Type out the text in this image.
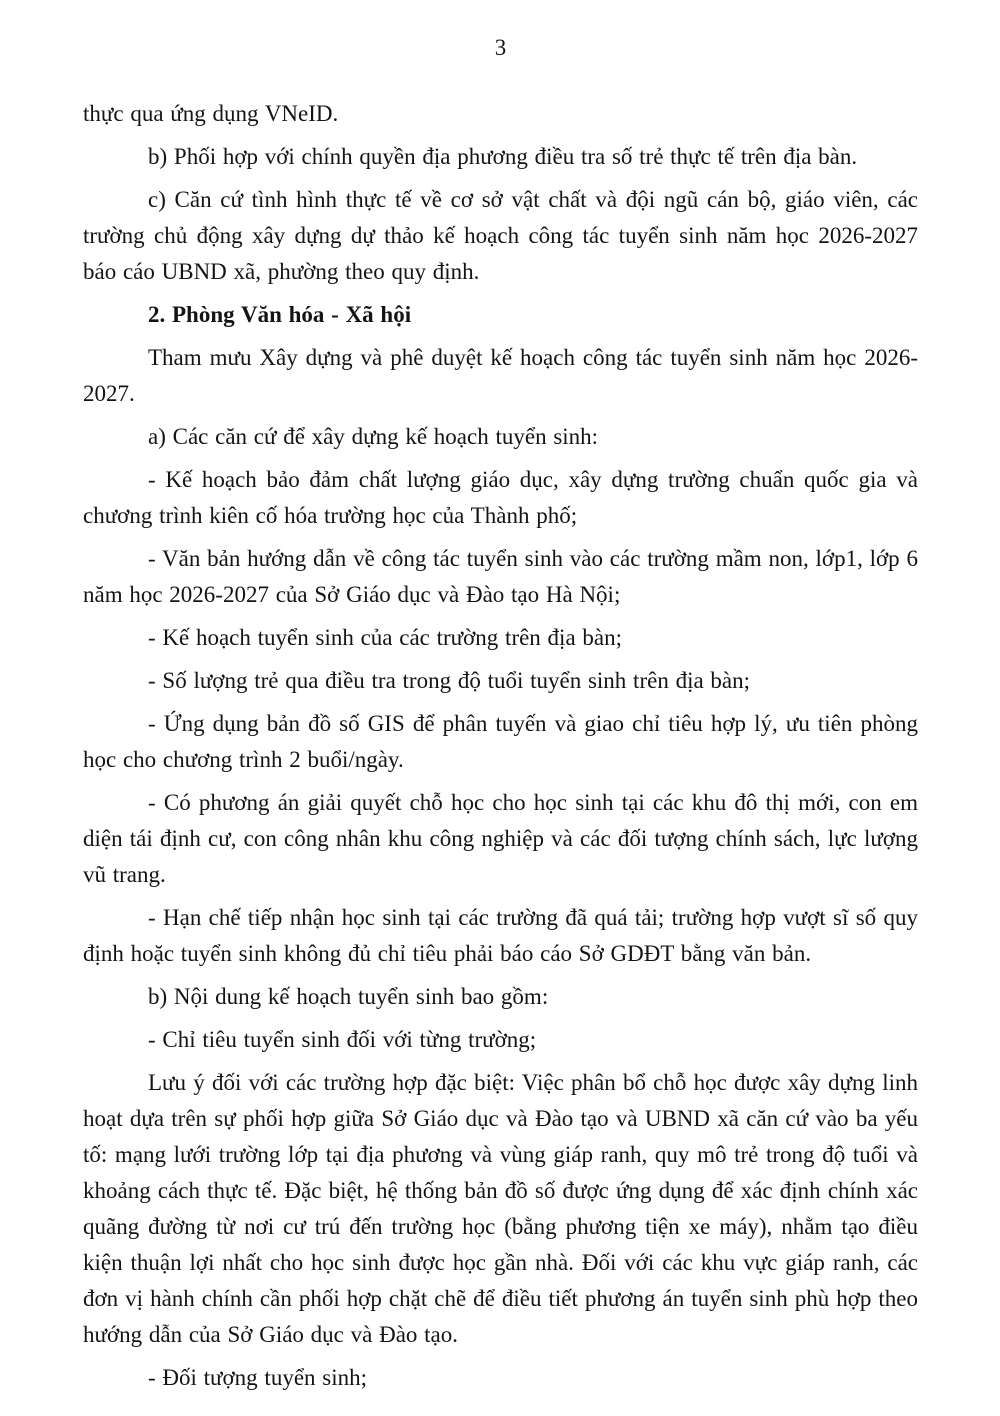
3

thực qua ứng dụng VNeID.

b) Phối hợp với chính quyền địa phương điều tra số trẻ thực tế trên địa bàn.

c) Căn cứ tình hình thực tế về cơ sở vật chất và đội ngũ cán bộ, giáo viên, các trường chủ động xây dựng dự thảo kế hoạch công tác tuyển sinh năm học 2026-2027 báo cáo UBND xã, phường theo quy định.

2. Phòng Văn hóa - Xã hội

Tham mưu Xây dựng và phê duyệt kế hoạch công tác tuyển sinh năm học 2026-2027.

a) Các căn cứ để xây dựng kế hoạch tuyển sinh:

- Kế hoạch bảo đảm chất lượng giáo dục, xây dựng trường chuẩn quốc gia và chương trình kiên cố hóa trường học của Thành phố;

- Văn bản hướng dẫn về công tác tuyển sinh vào các trường mầm non, lớp1, lớp 6 năm học 2026-2027 của Sở Giáo dục và Đào tạo Hà Nội;

- Kế hoạch tuyển sinh của các trường trên địa bàn;

- Số lượng trẻ qua điều tra trong độ tuổi tuyển sinh trên địa bàn;

- Ứng dụng bản đồ số GIS để phân tuyến và giao chỉ tiêu hợp lý, ưu tiên phòng học cho chương trình 2 buổi/ngày.

- Có phương án giải quyết chỗ học cho học sinh tại các khu đô thị mới, con em diện tái định cư, con công nhân khu công nghiệp và các đối tượng chính sách, lực lượng vũ trang.

- Hạn chế tiếp nhận học sinh tại các trường đã quá tải; trường hợp vượt sĩ số quy định hoặc tuyển sinh không đủ chỉ tiêu phải báo cáo Sở GDĐT bằng văn bản.

b) Nội dung kế hoạch tuyển sinh bao gồm:

- Chỉ tiêu tuyển sinh đối với từng trường;

Lưu ý đối với các trường hợp đặc biệt: Việc phân bổ chỗ học được xây dựng linh hoạt dựa trên sự phối hợp giữa Sở Giáo dục và Đào tạo và UBND xã căn cứ vào ba yếu tố: mạng lưới trường lớp tại địa phương và vùng giáp ranh, quy mô trẻ trong độ tuổi và khoảng cách thực tế. Đặc biệt, hệ thống bản đồ số được ứng dụng để xác định chính xác quãng đường từ nơi cư trú đến trường học (bằng phương tiện xe máy), nhằm tạo điều kiện thuận lợi nhất cho học sinh được học gần nhà. Đối với các khu vực giáp ranh, các đơn vị hành chính cần phối hợp chặt chẽ để điều tiết phương án tuyển sinh phù hợp theo hướng dẫn của Sở Giáo dục và Đào tạo.

- Đối tượng tuyển sinh;
